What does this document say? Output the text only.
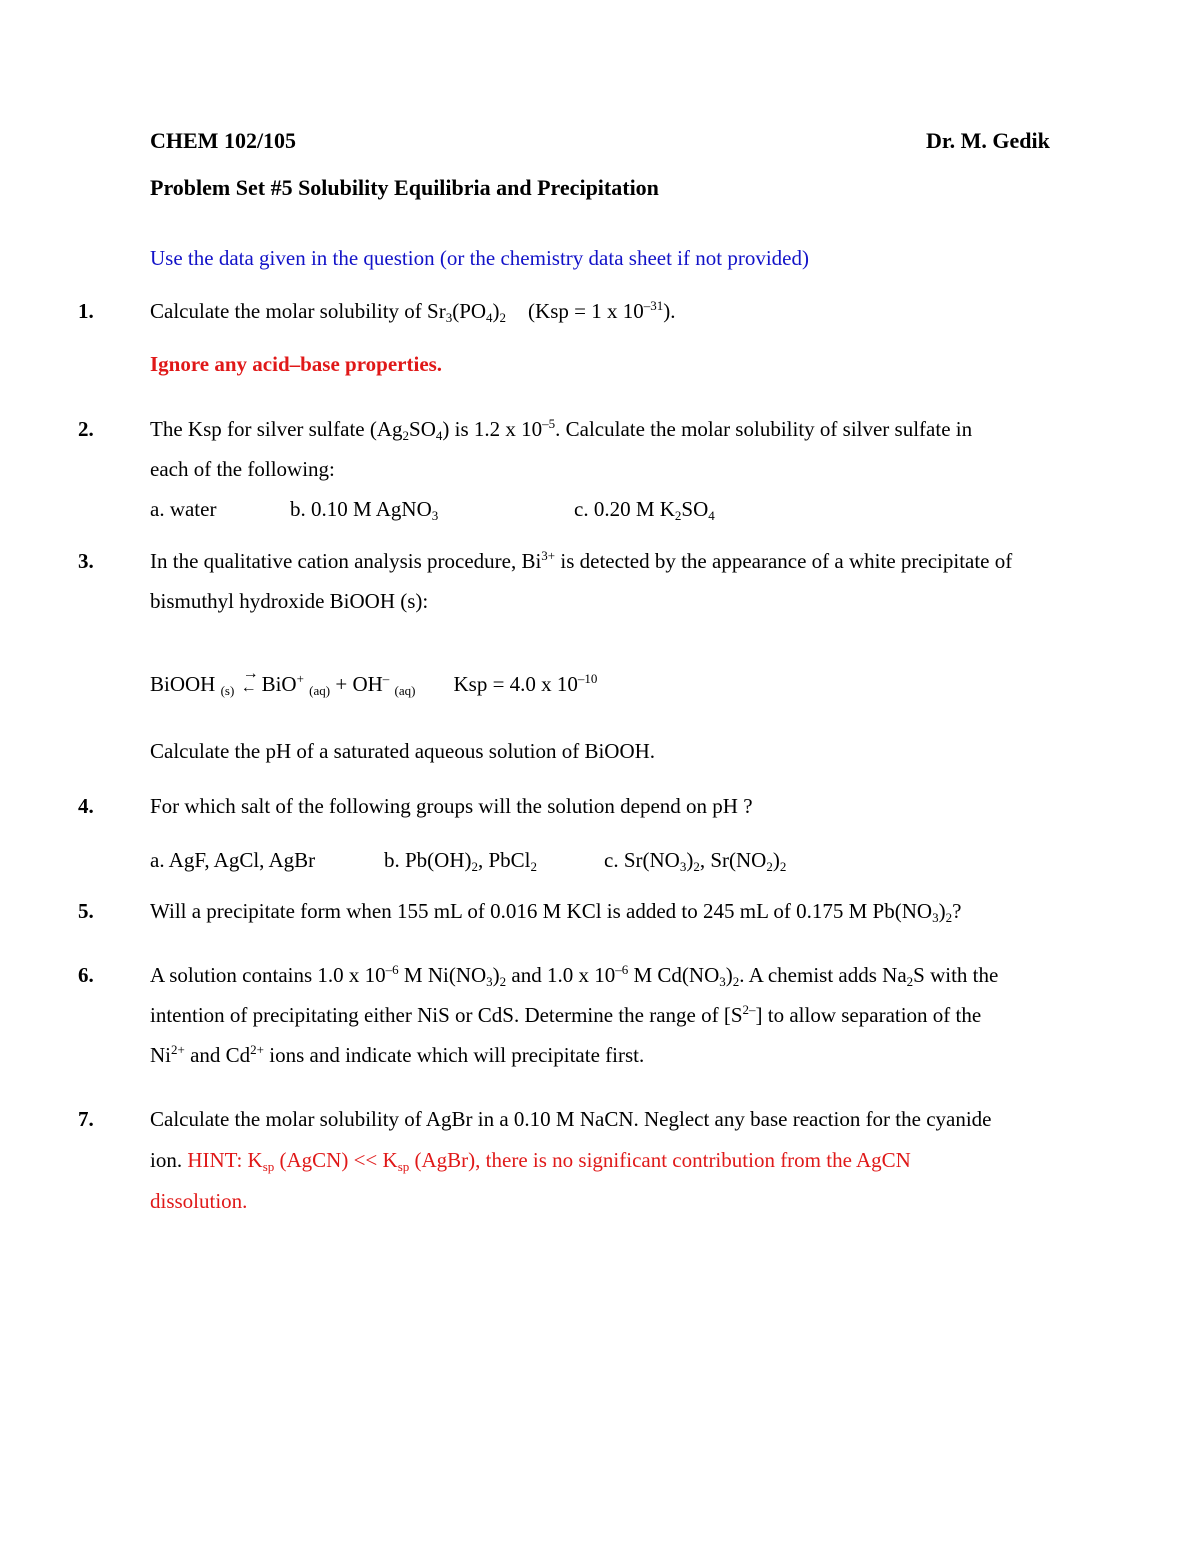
CHEM 102/105	Dr. M. Gedik
Problem Set #5 Solubility Equilibria and Precipitation
Use the data given in the question (or the chemistry data sheet if not provided)
1.	Calculate the molar solubility of $Sr_3(PO_4)_2$ (Ksp = 1 x $10^{-31}$).
Ignore any acid–base properties.
2.	The Ksp for silver sulfate $(Ag_2SO_4)$ is 1.2 x $10^{-5}$. Calculate the molar solubility of silver sulfate in
each of the following:
a. water	b. 0.10 M AgNO$_3$	c. 0.20 M $K_2SO_4$
3.	In the qualitative cation analysis procedure, $Bi^{3+}$ is detected by the appearance of a white precipitate of
bismuthyl hydroxide BiOOH (s):
BiOOH $_{(s)}$
→
← BiO+ $_{(aq)}$ + OH– $_{(aq)}$ Ksp = 4.0 x $10^{-10}$
Calculate the pH of a saturated aqueous solution of BiOOH.
4.	For which salt of the following groups will the solution depend on pH ?
a. AgF, AgCl, AgBr	b. $Pb(OH)_2$, PbCl$_2$	c. $Sr(NO_3)_2$, $Sr(NO_2)_2$
5.	Will a precipitate form when 155 mL of 0.016 M KCl is added to 245 mL of 0.175 M $Pb(NO_3)_2$?
6.	A solution contains 1.0 x $10^{-6}$ M $Ni(NO_3)_2$ and 1.0 x $10^{-6}$ M $Cd(NO_3)_2$. A chemist adds $Na_2S$ with the
intention of precipitating either NiS or CdS. Determine the range of $[S^{2-}]$ to allow separation of the
$Ni^{2+}$ and $Cd^{2+}$ ions and indicate which will precipitate first.
7.	Calculate the molar solubility of AgBr in a 0.10 M NaCN. Neglect any base reaction for the cyanide
ion. HINT: $K_{sp}$ (AgCN) << $K_{sp}$ (AgBr), there is no significant contribution from the AgCN
dissolution.
